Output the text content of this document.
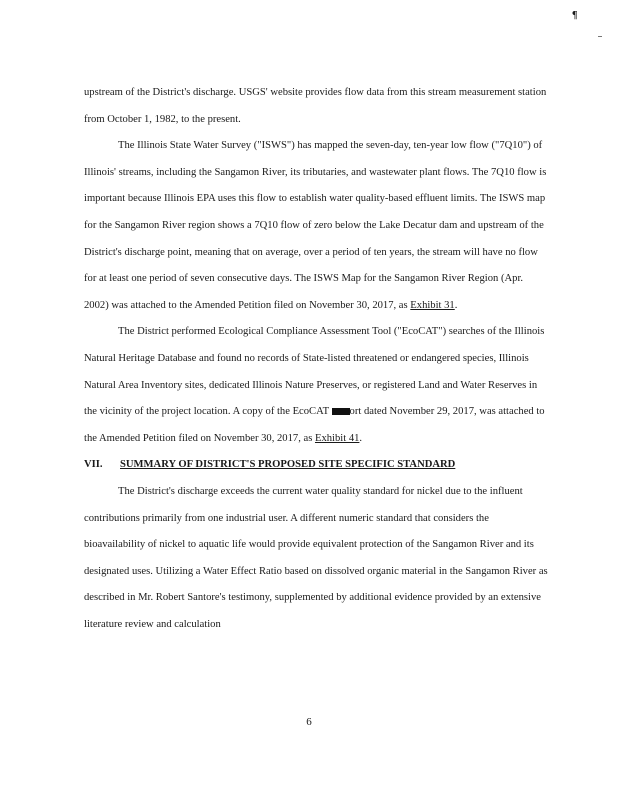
¶

upstream of the District's discharge. USGS' website provides flow data from this stream measurement station from October 1, 1982, to the present.

The Illinois State Water Survey ("ISWS") has mapped the seven-day, ten-year low flow ("7Q10") of Illinois' streams, including the Sangamon River, its tributaries, and wastewater plant flows. The 7Q10 flow is important because Illinois EPA uses this flow to establish water quality-based effluent limits. The ISWS map for the Sangamon River region shows a 7Q10 flow of zero below the Lake Decatur dam and upstream of the District's discharge point, meaning that on average, over a period of ten years, the stream will have no flow for at least one period of seven consecutive days. The ISWS Map for the Sangamon River Region (Apr. 2002) was attached to the Amended Petition filed on November 30, 2017, as Exhibit 31.

The District performed Ecological Compliance Assessment Tool ("EcoCAT") searches of the Illinois Natural Heritage Database and found no records of State-listed threatened or endangered species, Illinois Natural Area Inventory sites, dedicated Illinois Nature Preserves, or registered Land and Water Reserves in the vicinity of the project location. A copy of the EcoCAT ort dated November 29, 2017, was attached to the Amended Petition filed on November 30, 2017, as Exhibit 41.

VII. SUMMARY OF DISTRICT'S PROPOSED SITE SPECIFIC STANDARD

The District's discharge exceeds the current water quality standard for nickel due to the influent contributions primarily from one industrial user. A different numeric standard that considers the bioavailability of nickel to aquatic life would provide equivalent protection of the Sangamon River and its designated uses. Utilizing a Water Effect Ratio based on dissolved organic material in the Sangamon River as described in Mr. Robert Santore's testimony, supplemented by additional evidence provided by an extensive literature review and calculation

6
